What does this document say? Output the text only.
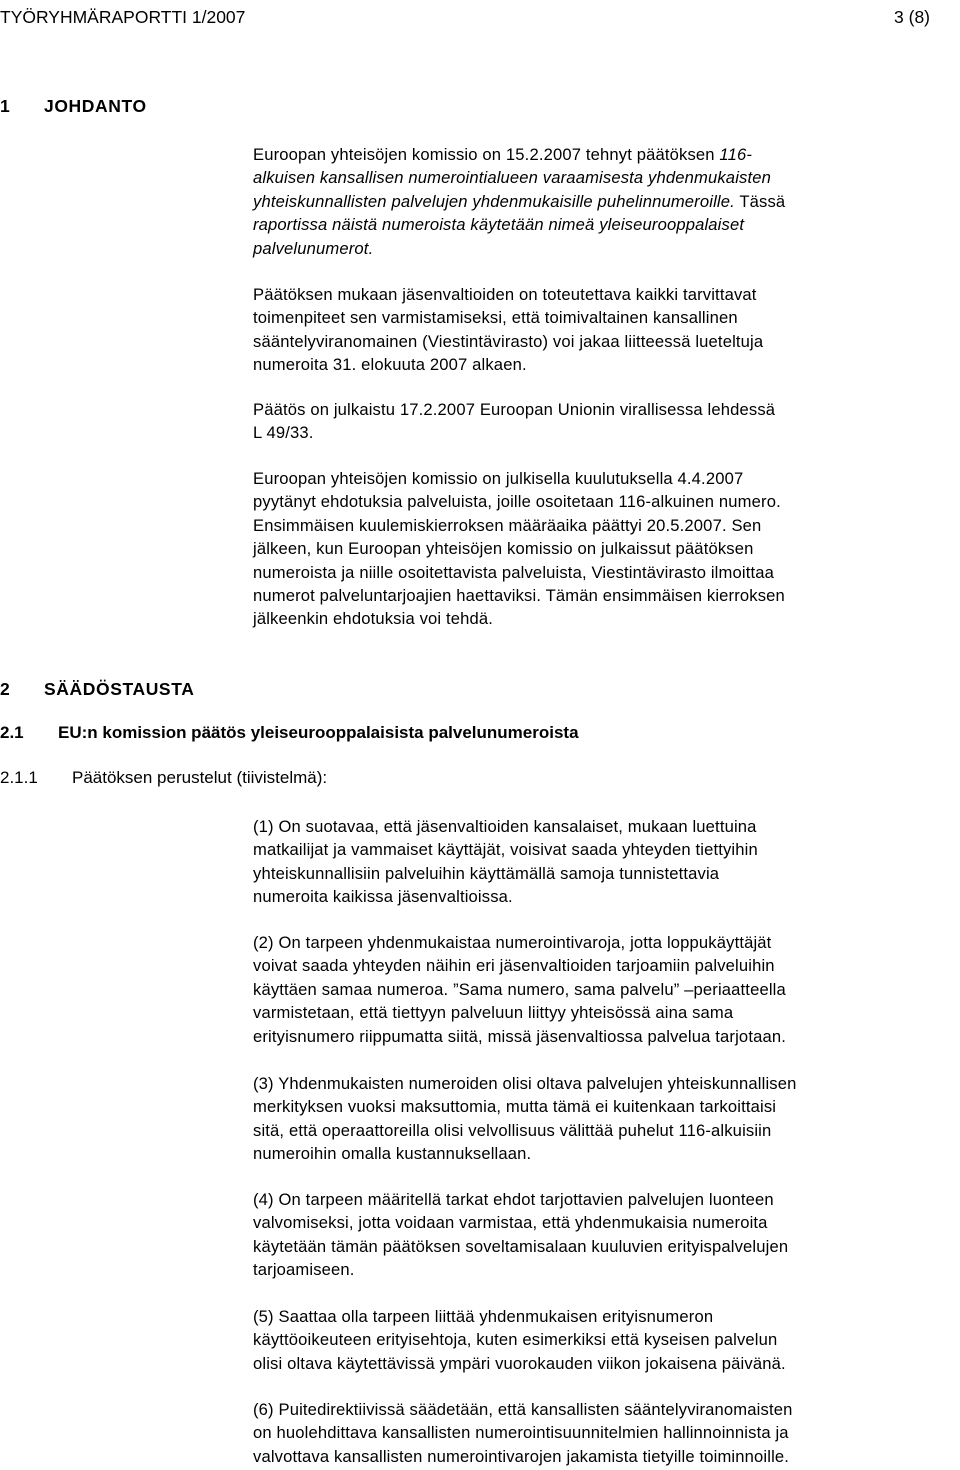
TYÖRYHMÄRAPORTTI 1/2007	3 (8)
1 JOHDANTO

Euroopan yhteisöjen komissio on 15.2.2007 tehnyt päätöksen 116-
alkuisen kansallisen numerointialueen varaamisesta yhdenmukaisten
yhteiskunnallisten palvelujen yhdenmukaisille puhelinnumeroille. Tässä
raportissa näistä numeroista käytetään nimeä yleiseurooppalaiset
palvelunumerot.

Päätöksen mukaan jäsenvaltioiden on toteutettava kaikki tarvittavat
toimenpiteet sen varmistamiseksi, että toimivaltainen kansallinen
sääntelyviranomainen (Viestintävirasto) voi jakaa liitteessä lueteltuja
numeroita 31. elokuuta 2007 alkaen.

Päätös on julkaistu 17.2.2007 Euroopan Unionin virallisessa lehdessä
L 49/33.

Euroopan yhteisöjen komissio on julkisella kuulutuksella 4.4.2007
pyytänyt ehdotuksia palveluista, joille osoitetaan 116-alkuinen numero.
Ensimmäisen kuulemiskierroksen määräaika päättyi 20.5.2007. Sen
jälkeen, kun Euroopan yhteisöjen komissio on julkaissut päätöksen
numeroista ja niille osoitettavista palveluista, Viestintävirasto ilmoittaa
numerot palveluntarjoajien haettaviksi. Tämän ensimmäisen kierroksen
jälkeenkin ehdotuksia voi tehdä.

2 SÄÄDÖSTAUSTA
2.1 EU:n komission päätös yleiseurooppalaisista palvelunumeroista
2.1.1 Päätöksen perustelut (tiivistelmä):

(1) On suotavaa, että jäsenvaltioiden kansalaiset, mukaan luettuina
matkailijat ja vammaiset käyttäjät, voisivat saada yhteyden tiettyihin
yhteiskunnallisiin palveluihin käyttämällä samoja tunnistettavia
numeroita kaikissa jäsenvaltioissa.

(2) On tarpeen yhdenmukaistaa numerointivaroja, jotta loppukäyttäjät
voivat saada yhteyden näihin eri jäsenvaltioiden tarjoamiin palveluihin
käyttäen samaa numeroa. ”Sama numero, sama palvelu” –periaatteella
varmistetaan, että tiettyyn palveluun liittyy yhteisössä aina sama
erityisnumero riippumatta siitä, missä jäsenvaltiossa palvelua tarjotaan.

(3) Yhdenmukaisten numeroiden olisi oltava palvelujen yhteiskunnallisen
merkityksen vuoksi maksuttomia, mutta tämä ei kuitenkaan tarkoittaisi
sitä, että operaattoreilla olisi velvollisuus välittää puhelut 116-alkuisiin
numeroihin omalla kustannuksellaan.

(4) On tarpeen määritellä tarkat ehdot tarjottavien palvelujen luonteen
valvomiseksi, jotta voidaan varmistaa, että yhdenmukaisia numeroita
käytetään tämän päätöksen soveltamisalaan kuuluvien erityispalvelujen
tarjoamiseen.

(5) Saattaa olla tarpeen liittää yhdenmukaisen erityisnumeron
käyttöoikeuteen erityisehtoja, kuten esimerkiksi että kyseisen palvelun
olisi oltava käytettävissä ympäri vuorokauden viikon jokaisena päivänä.

(6) Puitedirektiivissä säädetään, että kansallisten sääntelyviranomaisten
on huolehdittava kansallisten numerointisuunnitelmien hallinnoinnista ja
valvottava kansallisten numerointivarojen jakamista tietyille toiminnoille.
